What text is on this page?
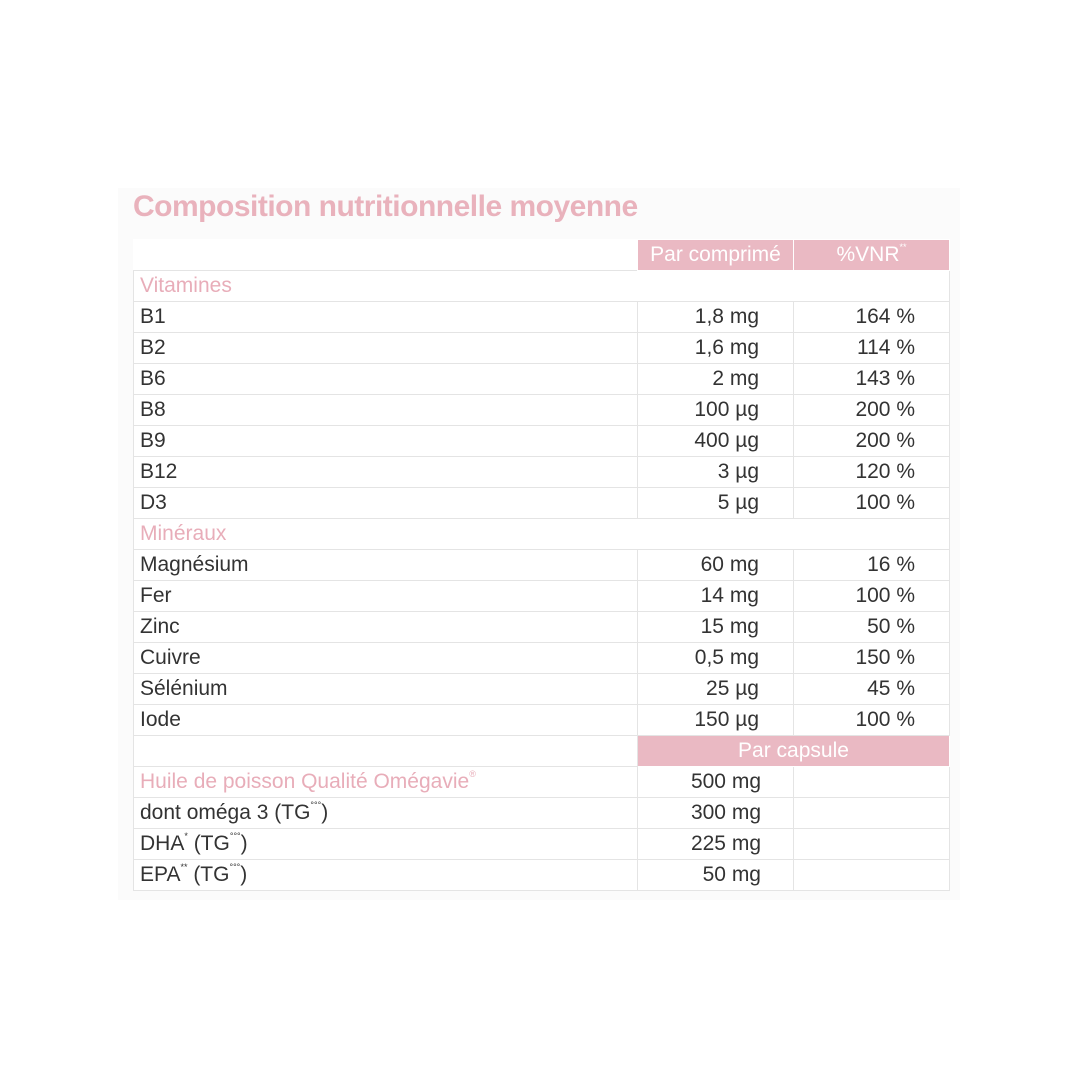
Composition nutritionnelle moyenne
	Par comprimé	%VNR**
Vitamines		
B1	1,8 mg	164 %
B2	1,6 mg	114 %
B6	2 mg	143 %
B8	100 µg	200 %
B9	400 µg	200 %
B12	3 µg	120 %
D3	5 µg	100 %
Minéraux		
Magnésium	60 mg	16 %
Fer	14 mg	100 %
Zinc	15 mg	50 %
Cuivre	0,5 mg	150 %
Sélénium	25 µg	45 %
Iode	150 µg	100 %
	Par capsule	
Huile de poisson Qualité Omégavie®	500 mg	
dont oméga 3 (TG°°°)	300 mg	
DHA* (TG°°°)	225 mg	
EPA** (TG°°°)	50 mg	
